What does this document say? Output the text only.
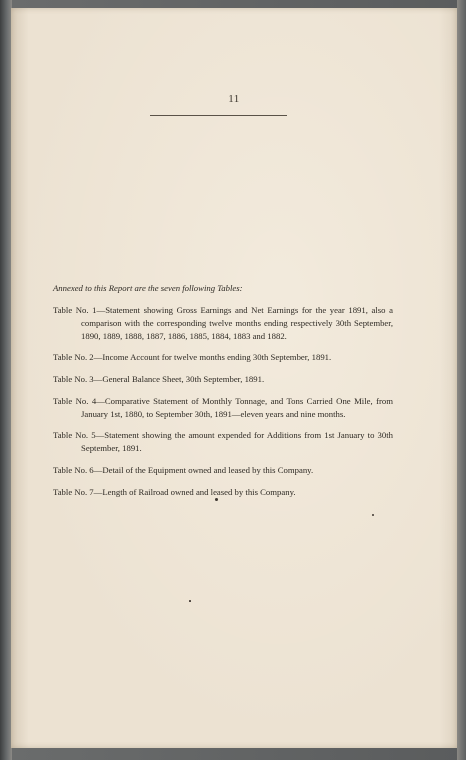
11

Annexed to this Report are the seven following Tables:

Table No. 1—Statement showing Gross Earnings and Net Earnings for the year 1891, also a comparison with the corresponding twelve months ending respectively 30th September, 1890, 1889, 1888, 1887, 1886, 1885, 1884, 1883 and 1882.

Table No. 2—Income Account for twelve months ending 30th September, 1891.

Table No. 3—General Balance Sheet, 30th September, 1891.

Table No. 4—Comparative Statement of Monthly Tonnage, and Tons Carried One Mile, from January 1st, 1880, to September 30th, 1891—eleven years and nine months.

Table No. 5—Statement showing the amount expended for Additions from 1st January to 30th September, 1891.

Table No. 6—Detail of the Equipment owned and leased by this Company.

Table No. 7—Length of Railroad owned and leased by this Company.
